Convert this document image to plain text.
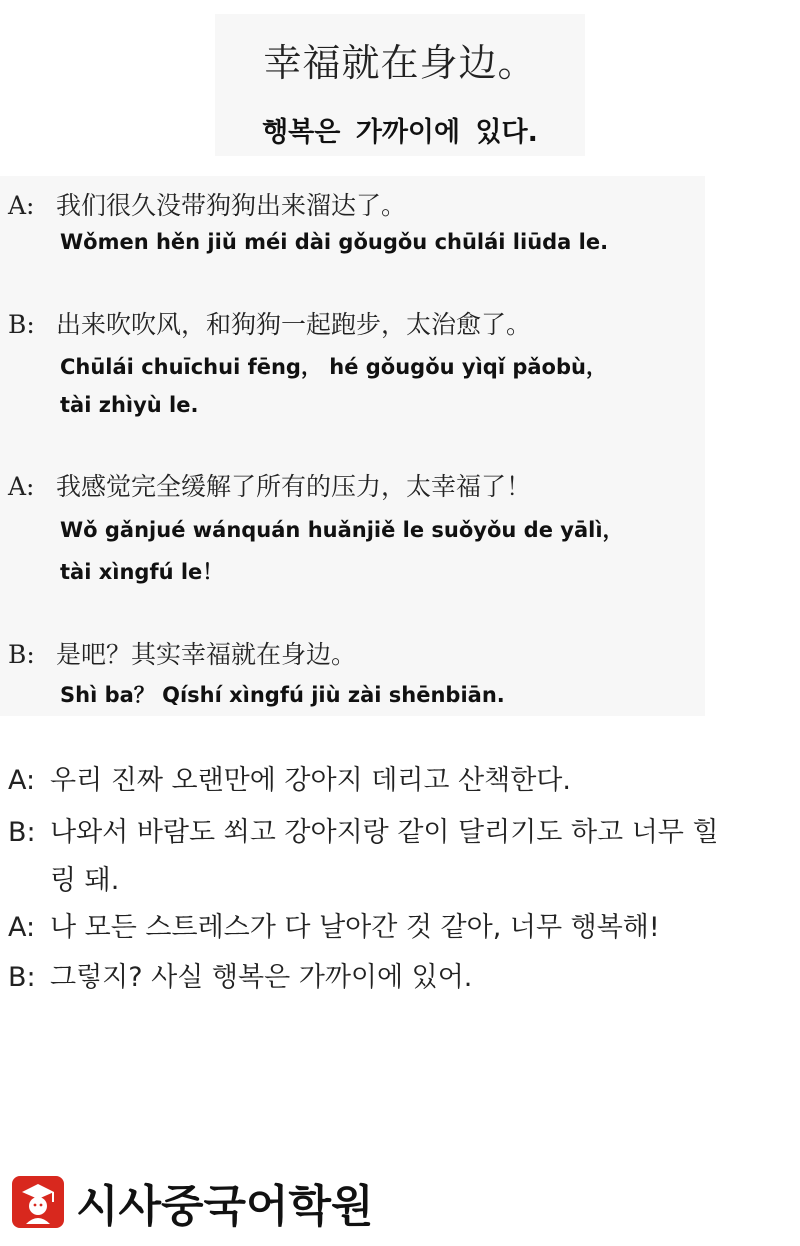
幸福就在身边。
행복은 가까이에 있다.
A: 我们很久没带狗狗出来溜达了。
Wǒmen hěn jiǔ méi dài gǒugǒu chūlái liūda le.
B: 出来吹吹风，和狗狗一起跑步，太治愈了。
Chūlái chuīchui fēng， hé gǒugǒu yìqǐ pǎobù，
tài zhìyù le.
A: 我感觉完全缓解了所有的压力，太幸福了！
Wǒ gǎnjué wánquán huǎnjiě le suǒyǒu de yālì，
tài xìngfú le！
B: 是吧？其实幸福就在身边。
Shì ba？ Qíshí xìngfú jiù zài shēnbiān.
A: 우리 진짜 오랜만에 강아지 데리고 산책한다.
B: 나와서 바람도 쐬고 강아지랑 같이 달리기도 하고 너무 힐
링 돼.
A: 나 모든 스트레스가 다 날아간 것 같아, 너무 행복해!
B: 그렇지? 사실 행복은 가까이에 있어.
시사중국어학원
